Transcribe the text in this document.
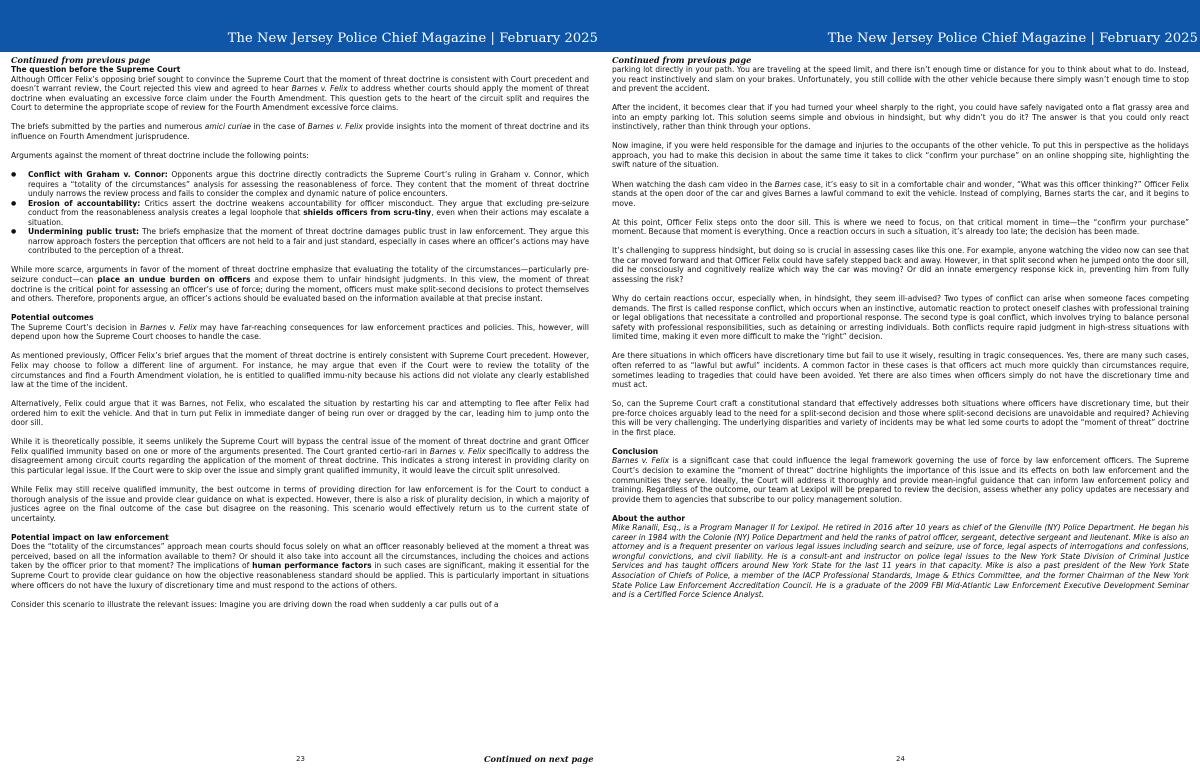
The New Jersey Police Chief Magazine | February 2025
Continued from previous page
23	Continued on next page
The question before the Supreme Court

Although Officer Felix’s opposing brief sought to convince the Supreme Court that the moment of threat doctrine is consistent with Court precedent and doesn’t warrant review, the Court rejected this view and agreed to hear Barnes v. Felix to address whether courts should apply the moment of threat doctrine when evaluating an excessive force claim under the Fourth Amendment. This question gets to the heart of the circuit split and requires the Court to determine the appropriate scope of review for the Fourth Amendment excessive force claims.

The briefs submitted by the parties and numerous amici curiae in the case of Barnes v. Felix provide insights into the moment of threat doctrine and its influence on Fourth Amendment jurisprudence.

Arguments against the moment of threat doctrine include the following points:

● Conflict with Graham v. Connor: Opponents argue this doctrine directly contradicts the Supreme Court’s ruling in Graham v. Connor, which requires a “totality of the circumstances” analysis for assessing the reasonableness of force. They content that the moment of threat doctrine unduly narrows the review process and fails to consider the complex and dynamic nature of police encounters.
● Erosion of accountability: Critics assert the doctrine weakens accountability for officer misconduct. They argue that excluding pre-seizure conduct from the reasonableness analysis creates a legal loophole that shields officers from scru-tiny, even when their actions may escalate a situation.
● Undermining public trust: The briefs emphasize that the moment of threat doctrine damages public trust in law enforcement. They argue this narrow approach fosters the perception that officers are not held to a fair and just standard, especially in cases where an officer’s actions may have contributed to the perception of a threat.

While more scarce, arguments in favor of the moment of threat doctrine emphasize that evaluating the totality of the circumstances—particularly pre-seizure conduct—can place an undue burden on officers and expose them to unfair hindsight judgments. In this view, the moment of threat doctrine is the critical point for assessing an officer’s use of force; during the moment, officers must make split-second decisions to protect themselves and others. Therefore, proponents argue, an officer’s actions should be evaluated based on the information available at that precise instant.

Potential outcomes

The Supreme Court’s decision in Barnes v. Felix may have far-reaching consequences for law enforcement practices and policies. This, however, will depend upon how the Supreme Court chooses to handle the case.

As mentioned previously, Officer Felix’s brief argues that the moment of threat doctrine is entirely consistent with Supreme Court precedent. However, Felix may choose to follow a different line of argument. For instance, he may argue that even if the Court were to review the totality of the circumstances and find a Fourth Amendment violation, he is entitled to qualified immu-nity because his actions did not violate any clearly established law at the time of the incident.

Alternatively, Felix could argue that it was Barnes, not Felix, who escalated the situation by restarting his car and attempting to flee after Felix had ordered him to exit the vehicle. And that in turn put Felix in immediate danger of being run over or dragged by the car, leading him to jump onto the door sill.

While it is theoretically possible, it seems unlikely the Supreme Court will bypass the central issue of the moment of threat doctrine and grant Officer Felix qualified immunity based on one or more of the arguments presented. The Court granted certio-rari in Barnes v. Felix specifically to address the disagreement among circuit courts regarding the application of the moment of threat doctrine. This indicates a strong interest in providing clarity on this particular legal issue. If the Court were to skip over the issue and simply grant qualified immunity, it would leave the circuit split unresolved.

While Felix may still receive qualified immunity, the best outcome in terms of providing direction for law enforcement is for the Court to conduct a thorough analysis of the issue and provide clear guidance on what is expected. However, there is also a risk of plurality decision, in which a majority of justices agree on the final outcome of the case but disagree on the reasoning. This scenario would effectively return us to the current state of uncertainty.

Potential impact on law enforcement

Does the “totality of the circumstances” approach mean courts should focus solely on what an officer reasonably believed at the moment a threat was perceived, based on all the information available to them? Or should it also take into account all the circumstances, including the choices and actions taken by the officer prior to that moment? The implications of human performance factors in such cases are significant, making it essential for the Supreme Court to provide clear guidance on how the objective reasonableness standard should be applied. This is particularly important in situations where officers do not have the luxury of discretionary time and must respond to the actions of others.

Consider this scenario to illustrate the relevant issues: Imagine you are driving down the road when suddenly a car pulls out of a

The New Jersey Police Chief Magazine | February 2025
Continued from previous page
24

parking lot directly in your path. You are traveling at the speed limit, and there isn’t enough time or distance for you to think about what to do. Instead, you react instinctively and slam on your brakes. Unfortunately, you still collide with the other vehicle because there simply wasn’t enough time to stop and prevent the accident.

After the incident, it becomes clear that if you had turned your wheel sharply to the right, you could have safely navigated onto a flat grassy area and into an empty parking lot. This solution seems simple and obvious in hindsight, but why didn’t you do it? The answer is that you could only react instinctively, rather than think through your options.

Now imagine, if you were held responsible for the damage and injuries to the occupants of the other vehicle. To put this in perspective as the holidays approach, you had to make this decision in about the same time it takes to click “confirm your purchase” on an online shopping site, highlighting the swift nature of the situation.

When watching the dash cam video in the Barnes case, it’s easy to sit in a comfortable chair and wonder, “What was this officer thinking?” Officer Felix stands at the open door of the car and gives Barnes a lawful command to exit the vehicle. Instead of complying, Barnes starts the car, and it begins to move.

At this point, Officer Felix steps onto the door sill. This is where we need to focus, on that critical moment in time—the “confirm your purchase” moment. Because that moment is everything. Once a reaction occurs in such a situation, it’s already too late; the decision has been made.

It’s challenging to suppress hindsight, but doing so is crucial in assessing cases like this one. For example, anyone watching the video now can see that the car moved forward and that Officer Felix could have safely stepped back and away. However, in that split second when he jumped onto the door sill, did he consciously and cognitively realize which way the car was moving? Or did an innate emergency response kick in, preventing him from fully assessing the risk?

Why do certain reactions occur, especially when, in hindsight, they seem ill-advised? Two types of conflict can arise when someone faces competing demands. The first is called response conflict, which occurs when an instinctive, automatic reaction to protect oneself clashes with professional training or legal obligations that necessitate a controlled and proportional response. The second type is goal conflict, which involves trying to balance personal safety with professional responsibilities, such as detaining or arresting individuals. Both conflicts require rapid judgment in high-stress situations with limited time, making it even more difficult to make the “right” decision.

Are there situations in which officers have discretionary time but fail to use it wisely, resulting in tragic consequences. Yes, there are many such cases, often referred to as “lawful but awful” incidents. A common factor in these cases is that officers act much more quickly than circumstances require, sometimes leading to tragedies that could have been avoided. Yet there are also times when officers simply do not have the discretionary time and must act.

So, can the Supreme Court craft a constitutional standard that effectively addresses both situations where officers have discretionary time, but their pre-force choices arguably lead to the need for a split-second decision and those where split-second decisions are unavoidable and required? Achieving this will be very challenging. The underlying disparities and variety of incidents may be what led some courts to adopt the “moment of threat” doctrine in the first place.

Conclusion

Barnes v. Felix is a significant case that could influence the legal framework governing the use of force by law enforcement officers. The Supreme Court’s decision to examine the “moment of threat” doctrine highlights the importance of this issue and its effects on both law enforcement and the communities they serve. Ideally, the Court will address it thoroughly and provide mean-ingful guidance that can inform law enforcement policy and training. Regardless of the outcome, our team at Lexipol will be prepared to review the decision, assess whether any policy updates are necessary and provide them to agencies that subscribe to our policy management solution.

About the author

Mike Ranalli, Esq., is a Program Manager II for Lexipol. He retired in 2016 after 10 years as chief of the Glenville (NY) Police Department. He began his career in 1984 with the Colonie (NY) Police Department and held the ranks of patrol officer, sergeant, detective sergeant and lieutenant. Mike is also an attorney and is a frequent presenter on various legal issues including search and seizure, use of force, legal aspects of interrogations and confessions, wrongful convictions, and civil liability. He is a consult-ant and instructor on police legal issues to the New York State Division of Criminal Justice Services and has taught officers around New York State for the last 11 years in that capacity. Mike is also a past president of the New York State Association of Chiefs of Police, a member of the IACP Professional Standards, Image & Ethics Committee, and the former Chairman of the New York State Police Law Enforcement Accreditation Council. He is a graduate of the 2009 FBI Mid-Atlantic Law Enforcement Executive Development Seminar and is a Certified Force Science Analyst.
